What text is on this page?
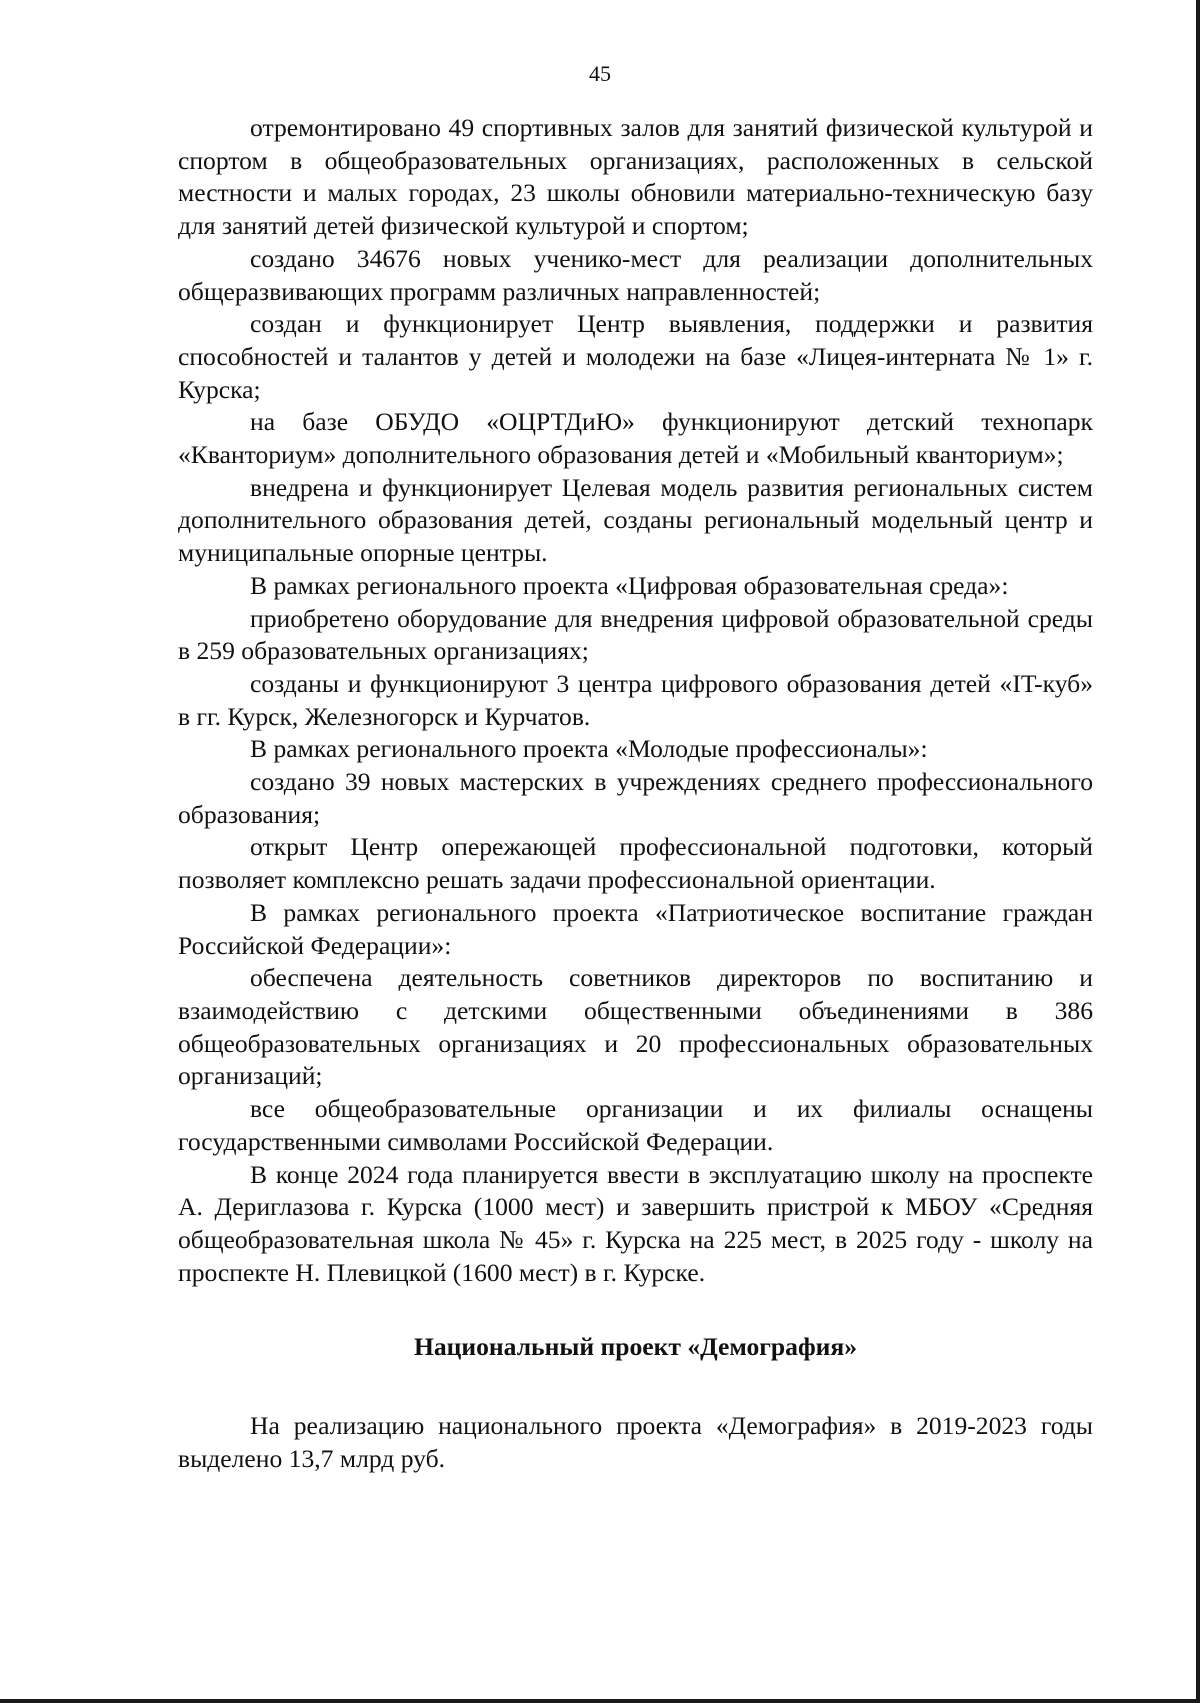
45

отремонтировано 49 спортивных залов для занятий физической культурой и спортом в общеобразовательных организациях, расположенных в сельской местности и малых городах, 23 школы обновили материально-техническую базу для занятий детей физической культурой и спортом;

создано 34676 новых ученико-мест для реализации дополнительных общеразвивающих программ различных направленностей;

создан и функционирует Центр выявления, поддержки и развития способностей и талантов у детей и молодежи на базе «Лицея-интерната № 1» г. Курска;

на базе ОБУДО «ОЦРТДиЮ» функционируют детский технопарк «Кванториум» дополнительного образования детей и «Мобильный кванториум»;

внедрена и функционирует Целевая модель развития региональных систем дополнительного образования детей, созданы региональный модельный центр и муниципальные опорные центры.

В рамках регионального проекта «Цифровая образовательная среда»:

приобретено оборудование для внедрения цифровой образовательной среды в 259 образовательных организациях;

созданы и функционируют 3 центра цифрового образования детей «IT-куб» в гг. Курск, Железногорск и Курчатов.

В рамках регионального проекта «Молодые профессионалы»:

создано 39 новых мастерских в учреждениях среднего профессионального образования;

открыт Центр опережающей профессиональной подготовки, который позволяет комплексно решать задачи профессиональной ориентации.

В рамках регионального проекта «Патриотическое воспитание граждан Российской Федерации»:

обеспечена деятельность советников директоров по воспитанию и взаимодействию с детскими общественными объединениями в 386 общеобразовательных организациях и 20 профессиональных образовательных организаций;

все общеобразовательные организации и их филиалы оснащены государственными символами Российской Федерации.

В конце 2024 года планируется ввести в эксплуатацию школу на проспекте А. Дериглазова г. Курска (1000 мест) и завершить пристрой к МБОУ «Средняя общеобразовательная школа № 45» г. Курска на 225 мест, в 2025 году - школу на проспекте Н. Плевицкой (1600 мест) в г. Курске.

Национальный проект «Демография»

На реализацию национального проекта «Демография» в 2019-2023 годы выделено 13,7 млрд руб.
